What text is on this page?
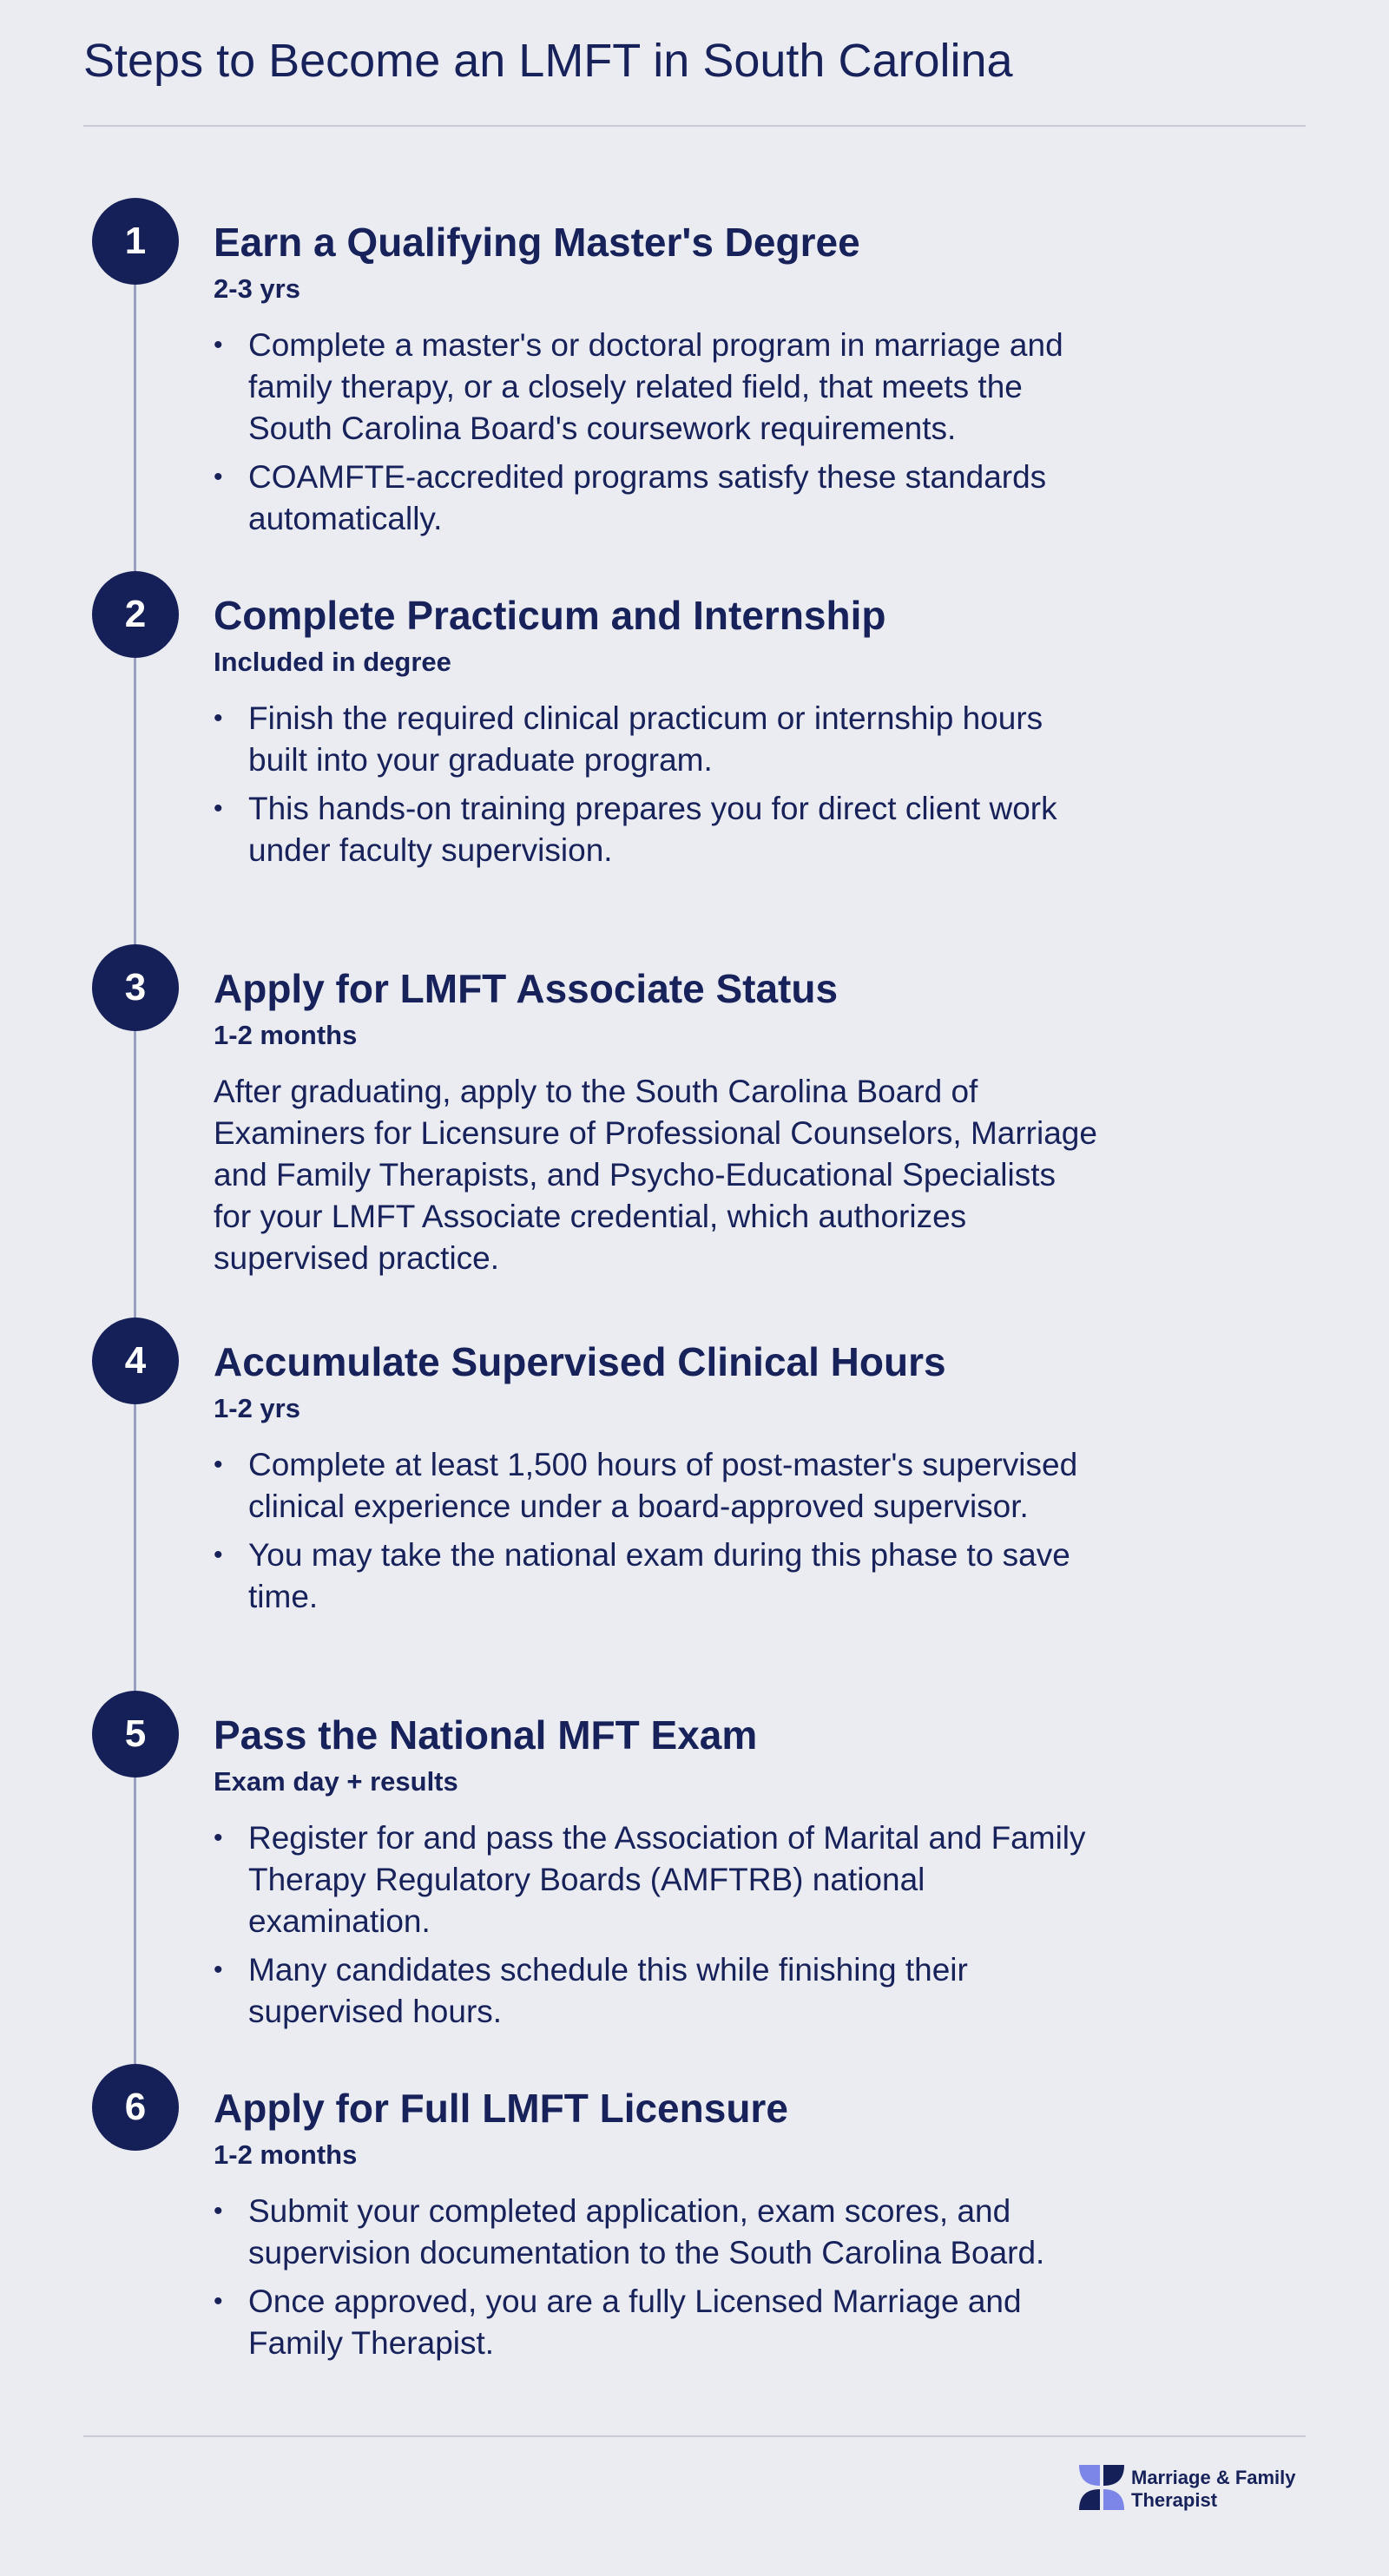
Steps to Become an LMFT in South Carolina
1	Earn a Qualifying Master's Degree
2-3 yrs
• Complete a master's or doctoral program in marriage and family therapy, or a closely related field, that meets the South Carolina Board's coursework requirements.
• COAMFTE-accredited programs satisfy these standards automatically.
2	Complete Practicum and Internship
Included in degree
• Finish the required clinical practicum or internship hours built into your graduate program.
• This hands-on training prepares you for direct client work under faculty supervision.
3	Apply for LMFT Associate Status
1-2 months
After graduating, apply to the South Carolina Board of Examiners for Licensure of Professional Counselors, Marriage and Family Therapists, and Psycho-Educational Specialists for your LMFT Associate credential, which authorizes supervised practice.
4	Accumulate Supervised Clinical Hours
1-2 yrs
• Complete at least 1,500 hours of post-master's supervised clinical experience under a board-approved supervisor.
• You may take the national exam during this phase to save time.
5	Pass the National MFT Exam
Exam day + results
• Register for and pass the Association of Marital and Family Therapy Regulatory Boards (AMFTRB) national examination.
• Many candidates schedule this while finishing their supervised hours.
6	Apply for Full LMFT Licensure
1-2 months
• Submit your completed application, exam scores, and supervision documentation to the South Carolina Board.
• Once approved, you are a fully Licensed Marriage and Family Therapist.
Marriage & Family
Therapist
